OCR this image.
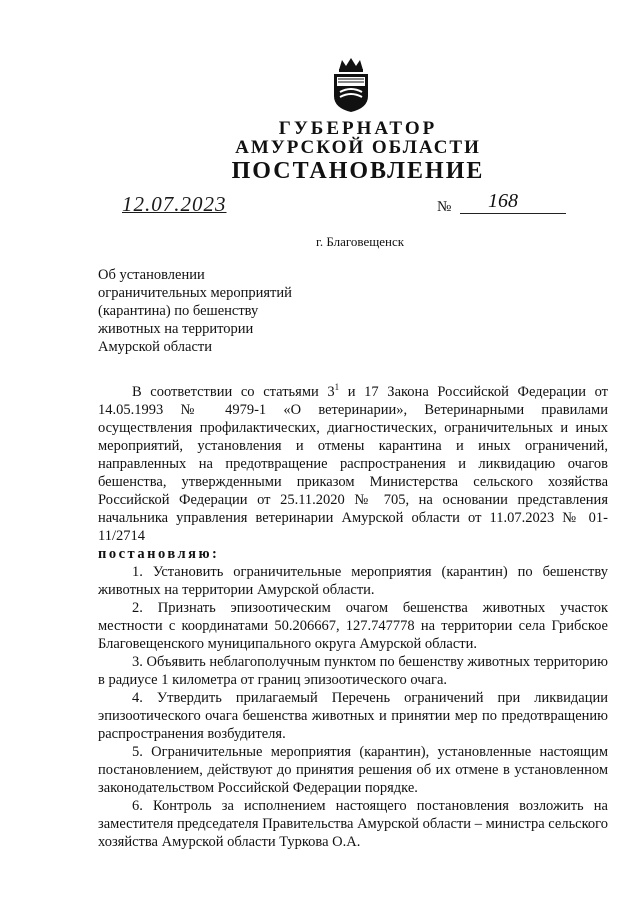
ГУБЕРНАТОР
АМУРСКОЙ ОБЛАСТИ
ПОСТАНОВЛЕНИЕ
12.07.2023	№	168
г. Благовещенск
Об установлении
ограничительных мероприятий
(карантина) по бешенству
животных на территории
Амурской области
В соответствии со статьями $3^1$ и 17 Закона Российской Федерации от 14.05.1993 № 4979-1 «О ветеринарии», Ветеринарными правилами осуществления профилактических, диагностических, ограничительных и иных мероприятий, установления и отмены карантина и иных ограничений, направленных на предотвращение распространения и ликвидацию очагов бешенства, утвержденными приказом Министерства сельского хозяйства Российской Федерации от 25.11.2020 № 705, на основании представления начальника управления ветеринарии Амурской области от 11.07.2023 № 01-11/2714
постановляю:
1. Установить ограничительные мероприятия (карантин) по бешенству животных на территории Амурской области.
2. Признать эпизоотическим очагом бешенства животных участок местности с координатами 50.206667, 127.747778 на территории села Грибское Благовещенского муниципального округа Амурской области.
3. Объявить неблагополучным пунктом по бешенству животных территорию в радиусе 1 километра от границ эпизоотического очага.
4. Утвердить прилагаемый Перечень ограничений при ликвидации эпизоотического очага бешенства животных и принятии мер по предотвращению распространения возбудителя.
5. Ограничительные мероприятия (карантин), установленные настоящим постановлением, действуют до принятия решения об их отмене в установленном законодательством Российской Федерации порядке.
6. Контроль за исполнением настоящего постановления возложить на заместителя председателя Правительства Амурской области – министра сельского хозяйства Амурской области Туркова О.А.
